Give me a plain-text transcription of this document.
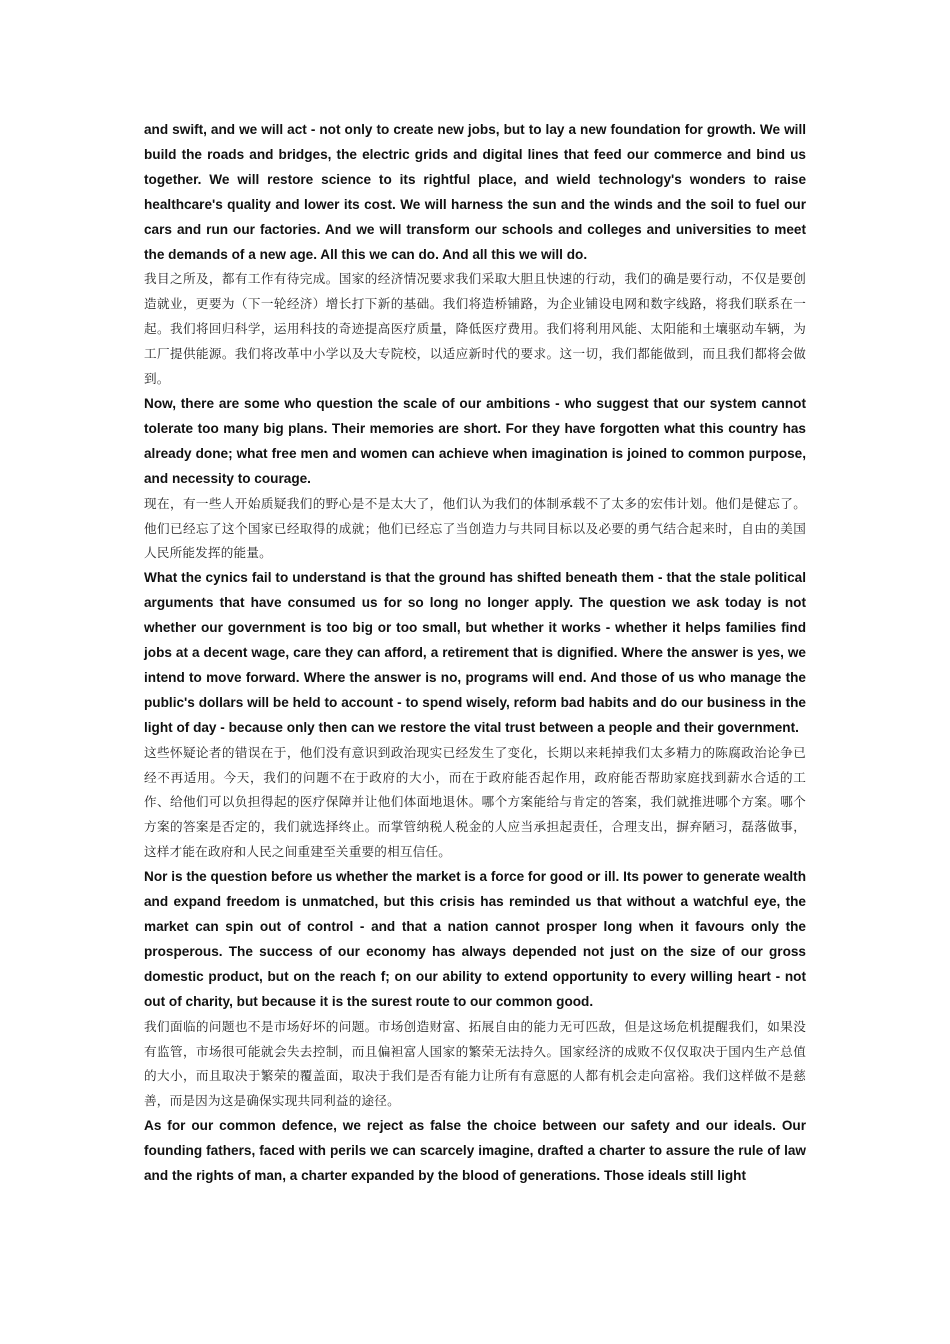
and swift, and we will act - not only to create new jobs, but to lay a new foundation for growth. We will build the roads and bridges, the electric grids and digital lines that feed our commerce and bind us together. We will restore science to its rightful place, and wield technology's wonders to raise healthcare's quality and lower its cost. We will harness the sun and the winds and the soil to fuel our cars and run our factories. And we will transform our schools and colleges and universities to meet the demands of a new age. All this we can do. And all this we will do.

我目之所及，都有工作有待完成。国家的经济情况要求我们采取大胆且快速的行动，我们的确是要行动，不仅是要创造就业，更要为（下一轮经济）增长打下新的基础。我们将造桥铺路，为企业铺设电网和数字线路，将我们联系在一起。我们将回归科学，运用科技的奇迹提高医疗质量，降低医疗费用。我们将利用风能、太阳能和土壤驱动车辆，为工厂提供能源。我们将改革中小学以及大专院校，以适应新时代的要求。这一切，我们都能做到，而且我们都将会做到。

Now, there are some who question the scale of our ambitions - who suggest that our system cannot tolerate too many big plans. Their memories are short. For they have forgotten what this country has already done; what free men and women can achieve when imagination is joined to common purpose, and necessity to courage.

现在，有一些人开始质疑我们的野心是不是太大了，他们认为我们的体制承载不了太多的宏伟计划。他们是健忘了。他们已经忘了这个国家已经取得的成就；他们已经忘了当创造力与共同目标以及必要的勇气结合起来时，自由的美国人民所能发挥的能量。

What the cynics fail to understand is that the ground has shifted beneath them - that the stale political arguments that have consumed us for so long no longer apply. The question we ask today is not whether our government is too big or too small, but whether it works - whether it helps families find jobs at a decent wage, care they can afford, a retirement that is dignified. Where the answer is yes, we intend to move forward. Where the answer is no, programs will end. And those of us who manage the public's dollars will be held to account - to spend wisely, reform bad habits and do our business in the light of day - because only then can we restore the vital trust between a people and their government.

这些怀疑论者的错误在于，他们没有意识到政治现实已经发生了变化，长期以来耗掉我们太多精力的陈腐政治论争已经不再适用。今天，我们的问题不在于政府的大小，而在于政府能否起作用，政府能否帮助家庭找到薪水合适的工作、给他们可以负担得起的医疗保障并让他们体面地退休。哪个方案能给与肯定的答案，我们就推进哪个方案。哪个方案的答案是否定的，我们就选择终止。而掌管纳税人税金的人应当承担起责任，合理支出，摒弃陋习，磊落做事，这样才能在政府和人民之间重建至关重要的相互信任。

Nor is the question before us whether the market is a force for good or ill. Its power to generate wealth and expand freedom is unmatched, but this crisis has reminded us that without a watchful eye, the market can spin out of control - and that a nation cannot prosper long when it favours only the prosperous. The success of our economy has always depended not just on the size of our gross domestic product, but on the reach f; on our ability to extend opportunity to every willing heart - not out of charity, but because it is the surest route to our common good.

我们面临的问题也不是市场好坏的问题。市场创造财富、拓展自由的能力无可匹敌，但是这场危机提醒我们，如果没有监管，市场很可能就会失去控制，而且偏袒富人国家的繁荣无法持久。国家经济的成败不仅仅取决于国内生产总值的大小，而且取决于繁荣的覆盖面，取决于我们是否有能力让所有有意愿的人都有机会走向富裕。我们这样做不是慈善，而是因为这是确保实现共同利益的途径。

As for our common defence, we reject as false the choice between our safety and our ideals. Our founding fathers, faced with perils we can scarcely imagine, drafted a charter to assure the rule of law and the rights of man, a charter expanded by the blood of generations. Those ideals still light
